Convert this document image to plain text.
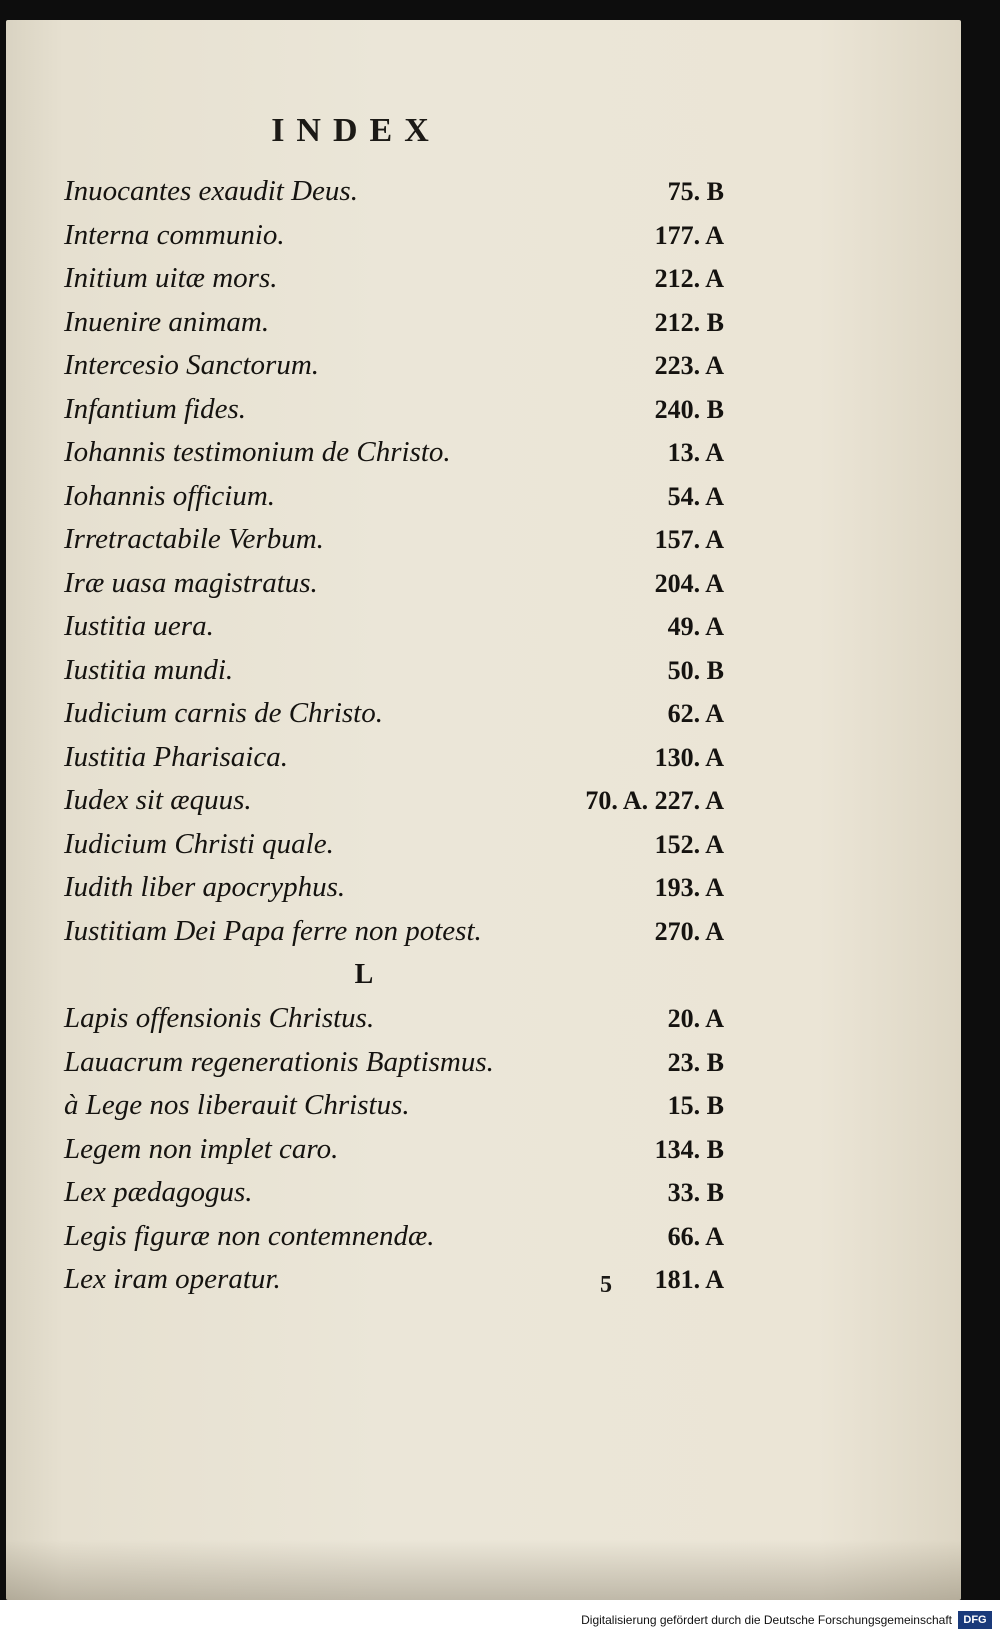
INDEX
Inuocantes exaudit Deus.	75. B
Interna communio.	177. A
Initium uitæ mors.	212. A
Inuenire animam.	212. B
Intercesio Sanctorum.	223. A
Infantium fides.	240. B
Iohannis testimonium de Christo.	13. A
Iohannis officium.	54. A
Irretractabile Verbum.	157. A
Iræ uasa magistratus.	204. A
Iustitia uera.	49. A
Iustitia mundi.	50. B
Iudicium carnis de Christo.	62. A
Iustitia Pharisaica.	130. A
Iudex sit æquus.	70. A. 227. A
Iudicium Christi quale.	152. A
Iudith liber apocryphus.	193. A
Iustitiam Dei Papa ferre non potest.	270. A
L
Lapis offensionis Christus.	20. A
Lauacrum regenerationis Baptismus.	23. B
à Lege nos liberauit Christus.	15. B
Legem non implet caro.	134. B
Lex pædagogus.	33. B
Legis figuræ non contemnendæ.	66. A
Lex iram operatur.	181. A
5
Digitalisierung gefördert durch die Deutsche Forschungsgemeinschaft	DFG
